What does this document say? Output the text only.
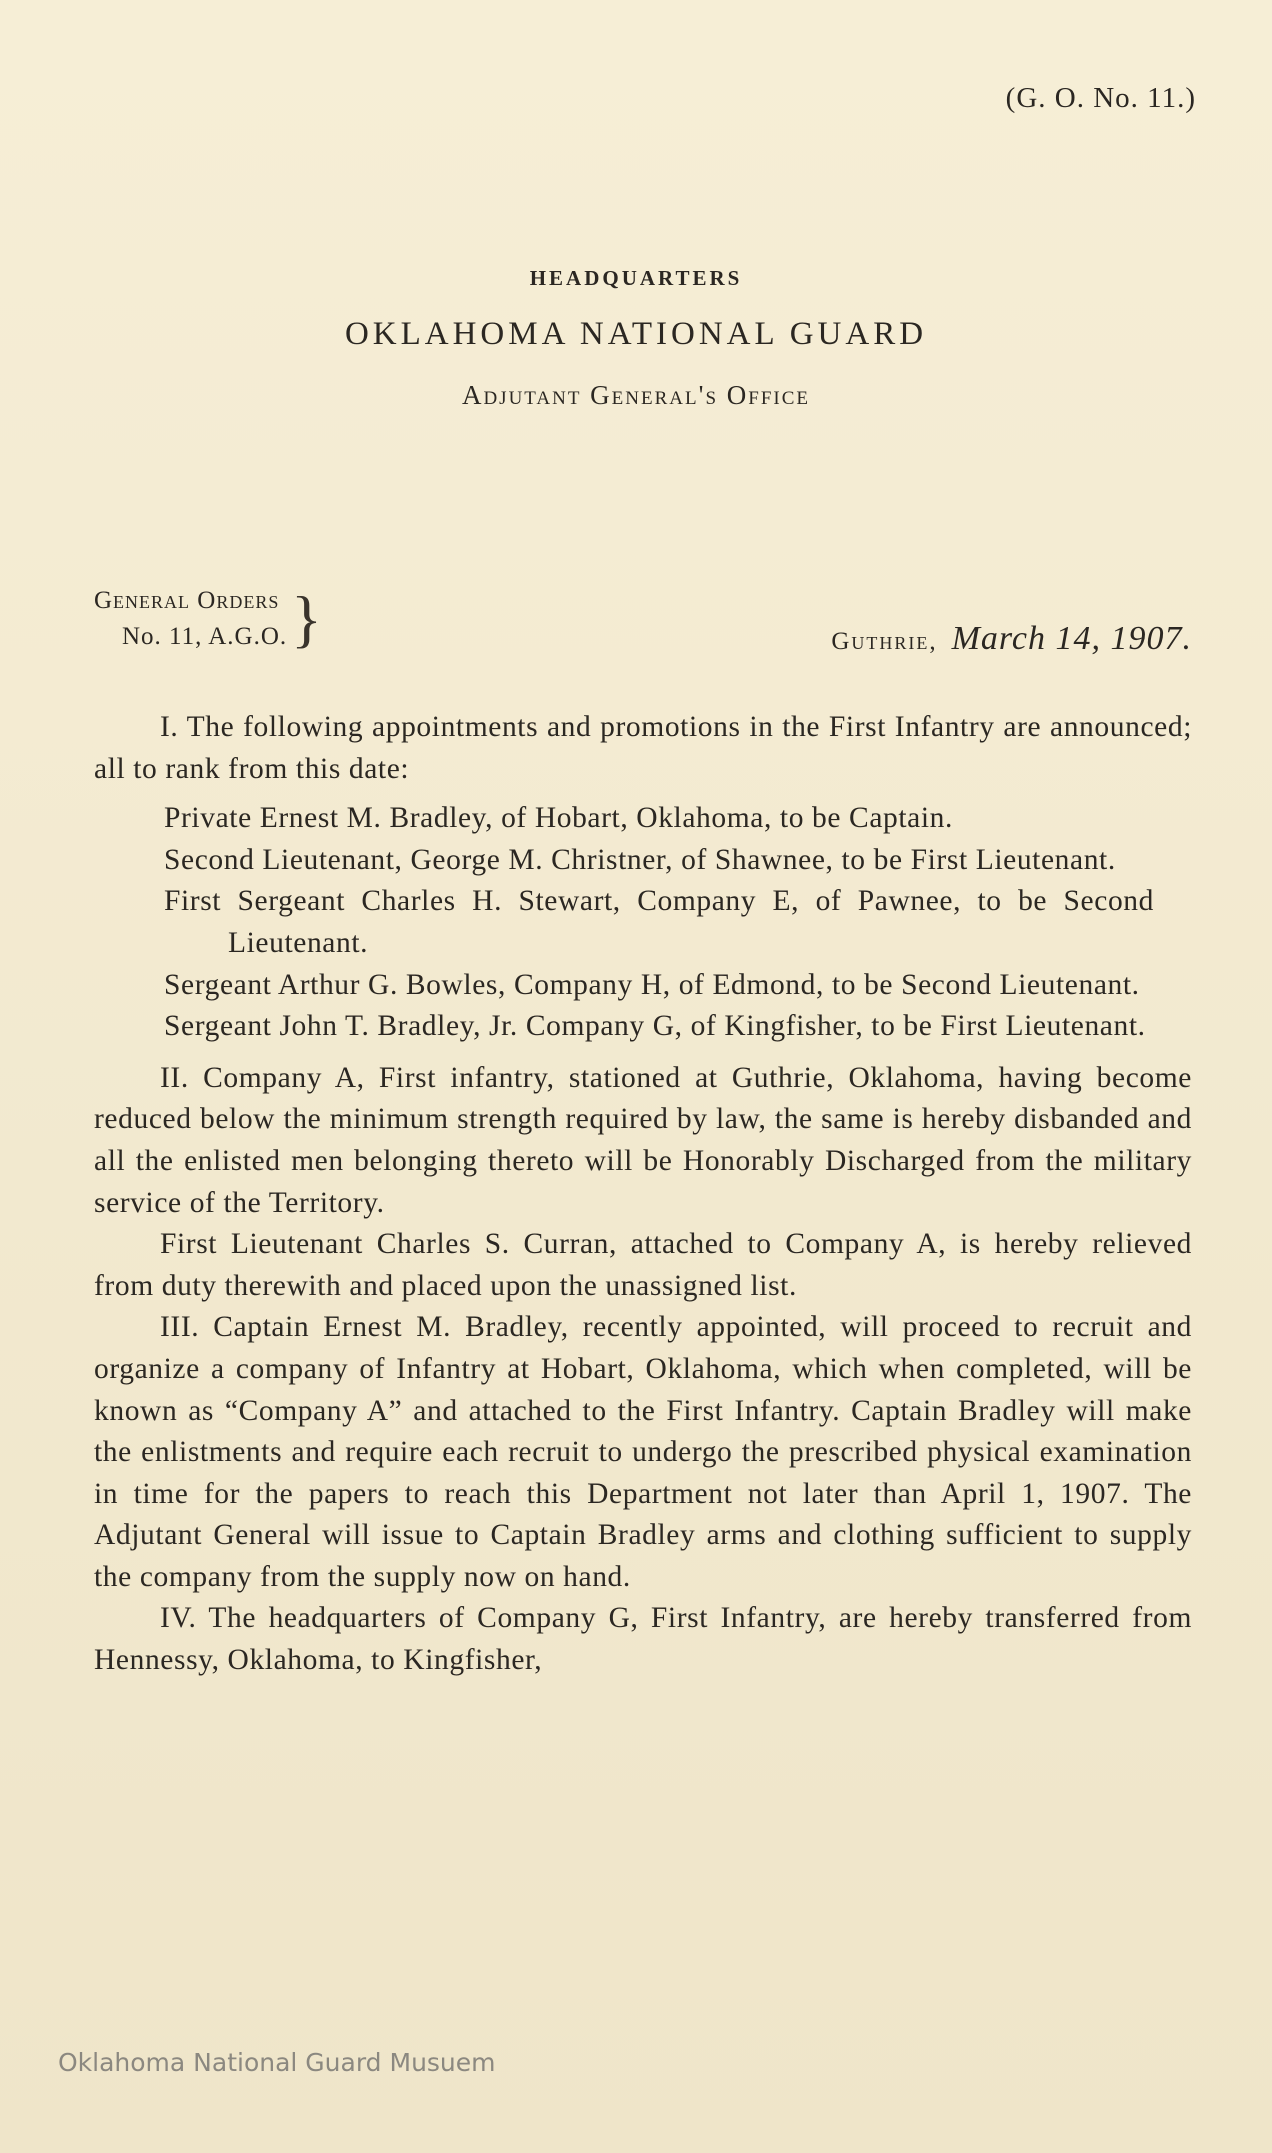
(G. O. No. 11.)
HEADQUARTERS
OKLAHOMA NATIONAL GUARD
Adjutant General's Office
General Orders
No. 11, A.G.O. }	Guthrie, March 14, 1907.

I. The following appointments and promotions in the First Infantry are announced; all to rank from this date:

Private Ernest M. Bradley, of Hobart, Oklahoma, to be Captain.

Second Lieutenant, George M. Christner, of Shawnee, to be First Lieutenant.

First Sergeant Charles H. Stewart, Company E, of Pawnee, to be Second Lieutenant.

Sergeant Arthur G. Bowles, Company H, of Edmond, to be Second Lieutenant.

Sergeant John T. Bradley, Jr. Company G, of Kingfisher, to be First Lieutenant.

II. Company A, First infantry, stationed at Guthrie, Oklahoma, having become reduced below the minimum strength required by law, the same is hereby disbanded and all the enlisted men belonging thereto will be Honorably Discharged from the military service of the Territory.

First Lieutenant Charles S. Curran, attached to Company A, is hereby relieved from duty therewith and placed upon the unassigned list.

III. Captain Ernest M. Bradley, recently appointed, will proceed to recruit and organize a company of Infantry at Hobart, Oklahoma, which when completed, will be known as “Company A” and attached to the First Infantry. Captain Bradley will make the enlistments and require each recruit to undergo the prescribed physical examination in time for the papers to reach this Department not later than April 1, 1907. The Adjutant General will issue to Captain Bradley arms and clothing sufficient to supply the company from the supply now on hand.

IV. The headquarters of Company G, First Infantry, are hereby transferred from Hennessy, Oklahoma, to Kingfisher,

Oklahoma National Guard Musuem
